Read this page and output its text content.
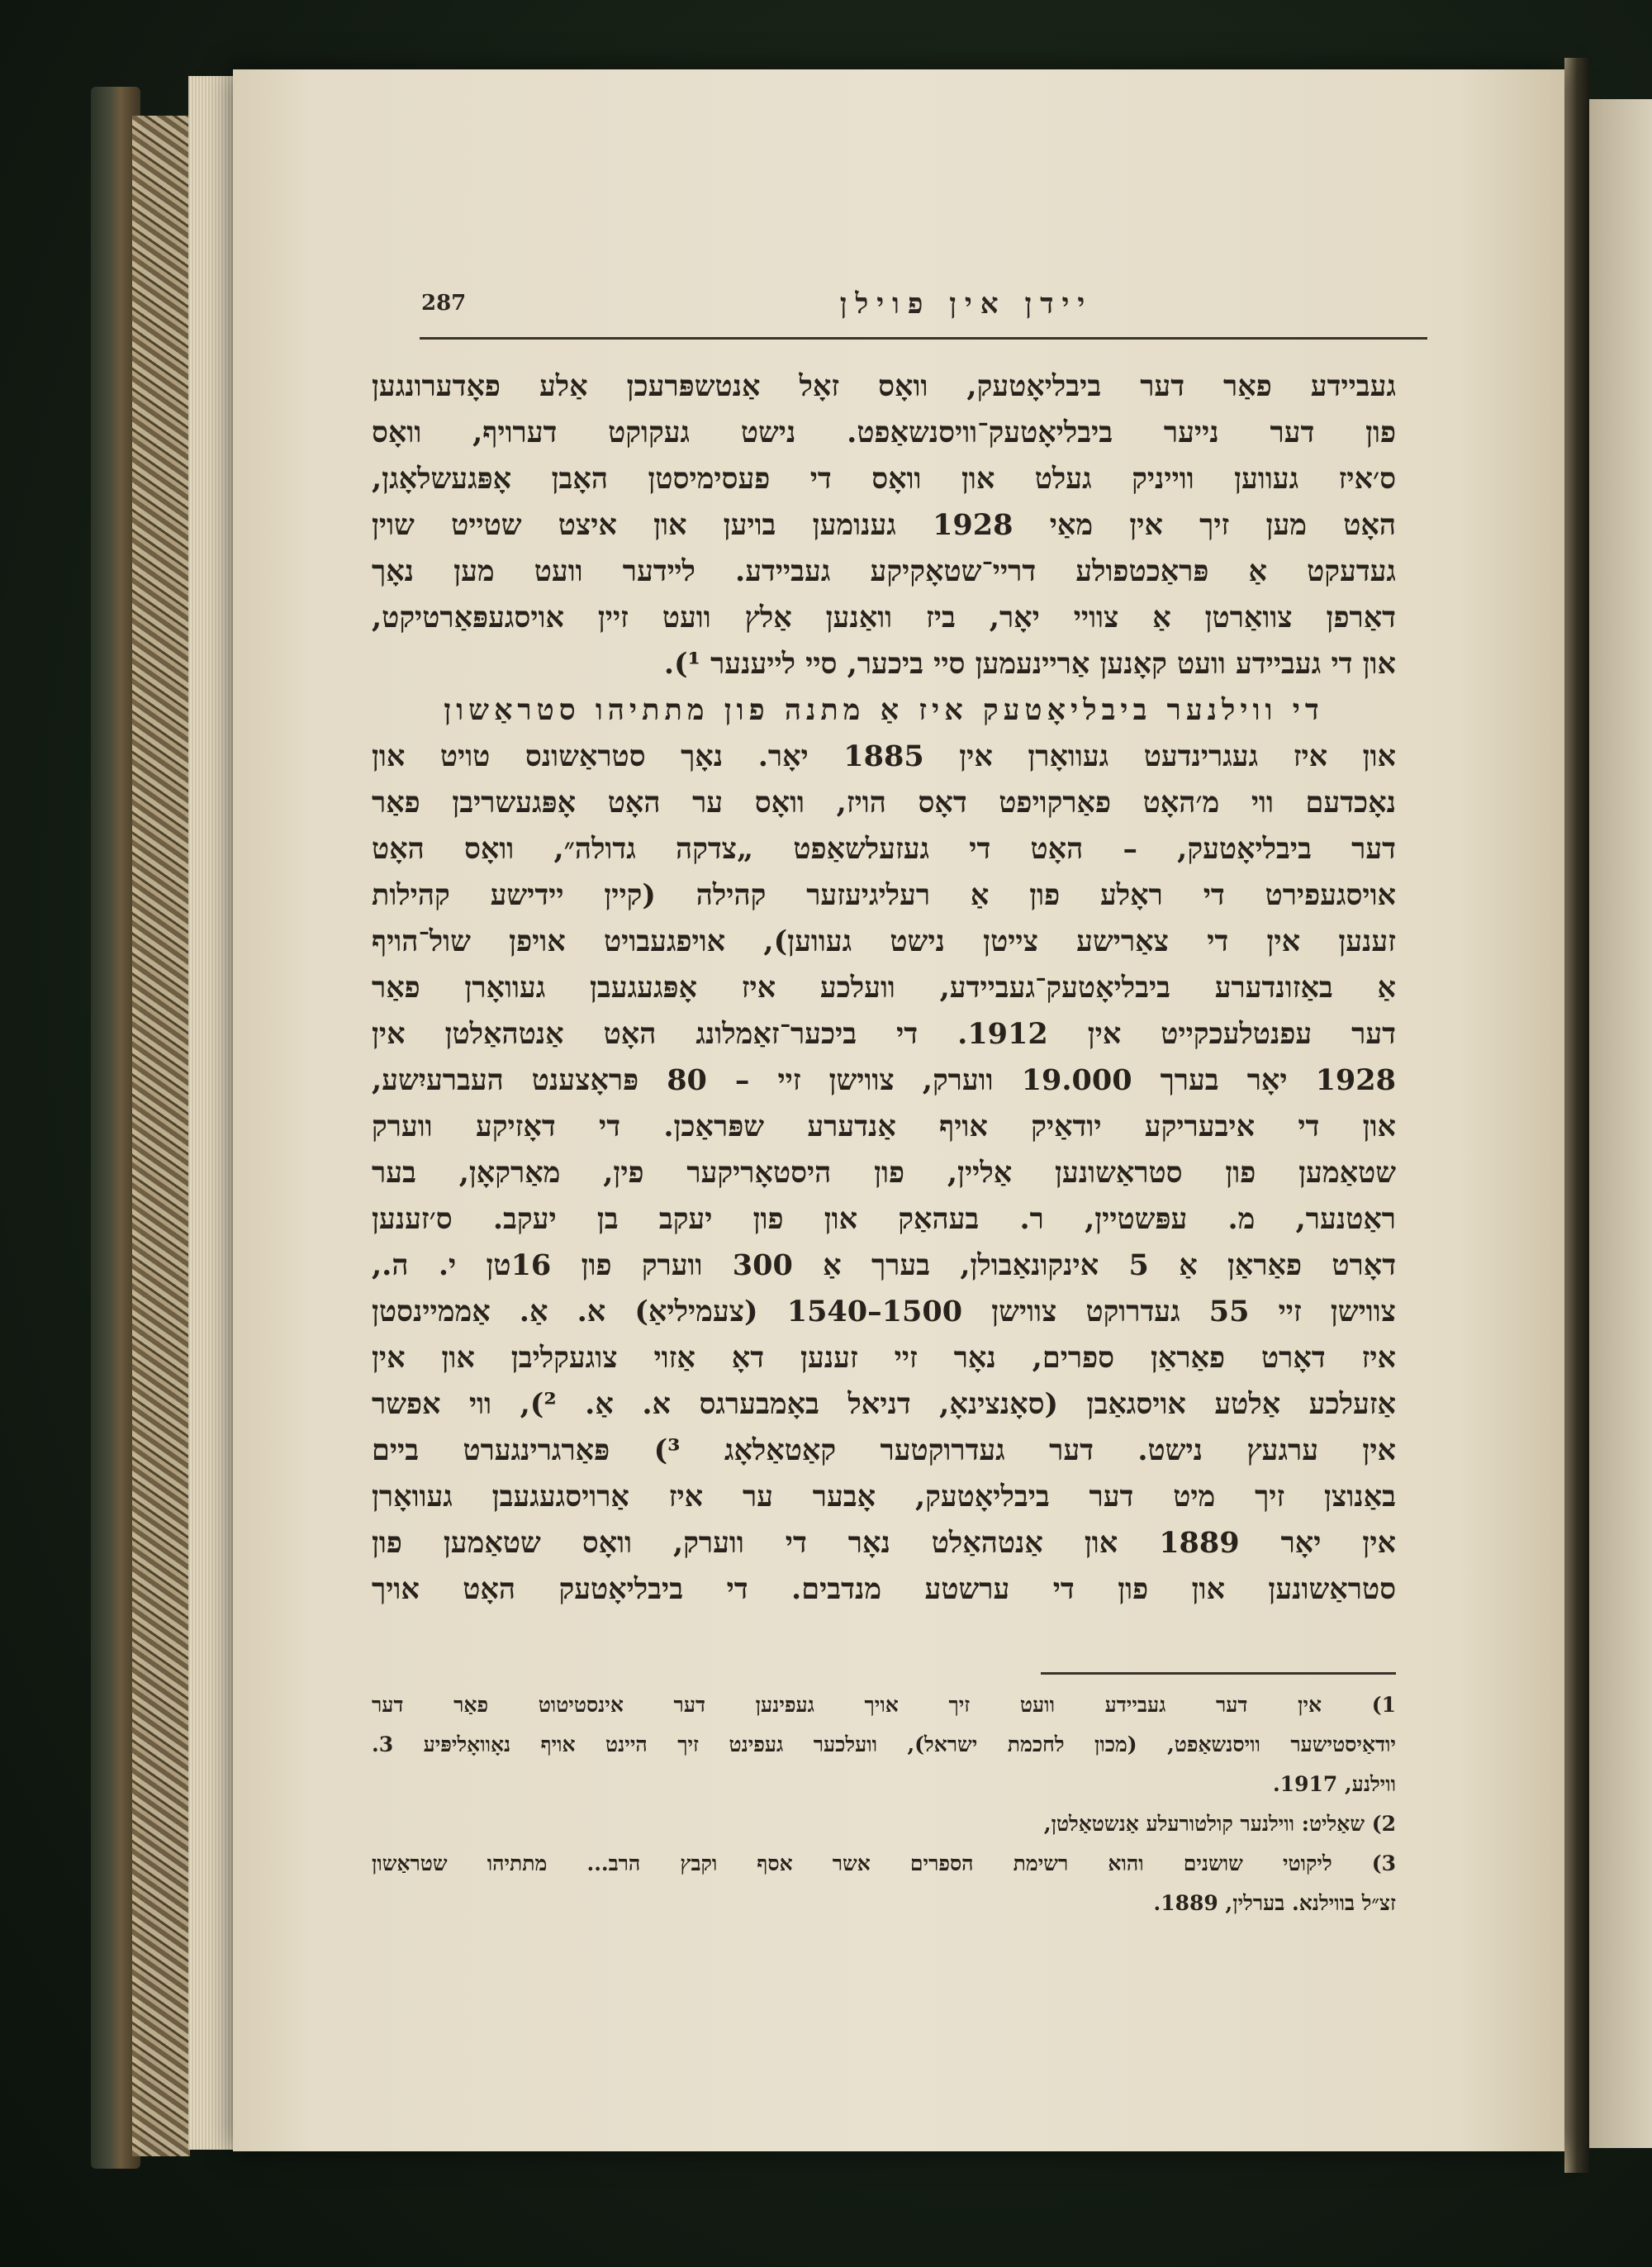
287	יידן אין פוילן
געביידע פאַר דער ביבליאָטעק, וואָס זאָל אַנטשפּרעכן אַלע פאָדערונגען
פון דער נייער ביבליאָטעק־וויסנשאַפט. נישט געקוקט דערויף, וואָס
ס׳איז געווען ווייניק געלט און וואָס די פעסימיסטן האָבן אָפּגעשלאָגן,
האָט מען זיך אין מאַי 1928 גענומען בויען און איצט שטייט שוין
געדעקט אַ פּראַכטפולע דריי־שטאָקיקע געביידע. לײדער וועט מען נאָך
דאַרפן צוואַרטן אַ צוויי יאָר, ביז וואַנען אַלץ וועט זיין אויסגעפּאַרטיקט,
און די געביידע וועט קאָנען אַריינעמען סיי ביכער, סיי לייענער ¹).
די ווילנער ביבליאָטעק איז אַ מתנה פון מתתיהו סטראַשון
און איז געגרינדעט געוואָרן אין 1885 יאָר. נאָך סטראַשונס טויט און
נאָכדעם ווי מ׳האָט פאַרקויפט דאָס הויז, וואָס ער האָט אָפּגעשריבן פאַר
דער ביבליאָטעק, – האָט די געזעלשאַפט „צדקה גדולה״, וואָס האָט
אויסגעפירט די ראָלע פון אַ רעליגיעזער קהילה (קיין יידישע קהילות
זענען אין די צאַרישע צייטן נישט געווען), אויפגעבויט אויפן שול־הויף
אַ באַזונדערע ביבליאָטעק־געביידע, וועלכע איז אָפּגעגעבן געוואָרן פאַר
דער עפנטלעכקייט אין 1912. די ביכער־זאַמלונג האָט אַנטהאַלטן אין
1928 יאָר בערך 19.000 ווערק, צווישן זיי – 80 פּראָצענט העברעיִשע,
און די איבעריקע יודאַיק אויף אַנדערע שפּראַכן. די דאָזיקע ווערק
שטאַמען פון סטראַשונען אַליין, פון היסטאָריקער פין, מאַרקאָן, בער
ראַטנער, מ. עפּשטיין, ר. בעהאַק און פון יעקב בן יעקב. ס׳זענען
דאָרט פאַראַן אַ 5 אינקונאַבולן, בערך אַ 300 ווערק פון 16טן י. ה.,
צווישן זיי 55 געדרוקט צווישן 1500–1540 (צעמיליאַ) א. אַ. אַממיינסטן
איז דאָרט פאַראַן ספרים, נאָר זיי זענען דאָ אַזוי צוגעקליבן און אין
אַזעלכע אַלטע אויסגאַבן (סאָנצינאָ, דניאל באָמבערגס א. אַ. ²), ווי אפשר
אין ערגעץ נישט. דער געדרוקטער קאַטאַלאָג ³) פּאַרגרינגערט ביים
באַנוצן זיך מיט דער ביבליאָטעק, אָבער ער איז אַרויסגעגעבן געוואָרן
אין יאָר 1889 און אַנטהאַלט נאָר די ווערק, וואָס שטאַמען פון
סטראַשונען און פון די ערשטע מנדבים. די ביבליאָטעק האָט אויך
1) אין דער געביידע וועט זיך אויך געפינען דער אינסטיטוט פאַר דער
יודאַיסטישער וויסנשאַפט, (מכון לחכמת ישראל), וועלכער געפינט זיך היינט אויף נאָוואָליפּיע 3.
ווילנע, 1917.
2) שאַליט: ווילנער קולטורעלע אַנשטאַלטן,
3) ליקוטי שושנים והוא רשימת הספרים אשר אסף וקבץ הרב... מתתיהו שטראַשון
זצ״ל בווילנא. בערלין, 1889.
